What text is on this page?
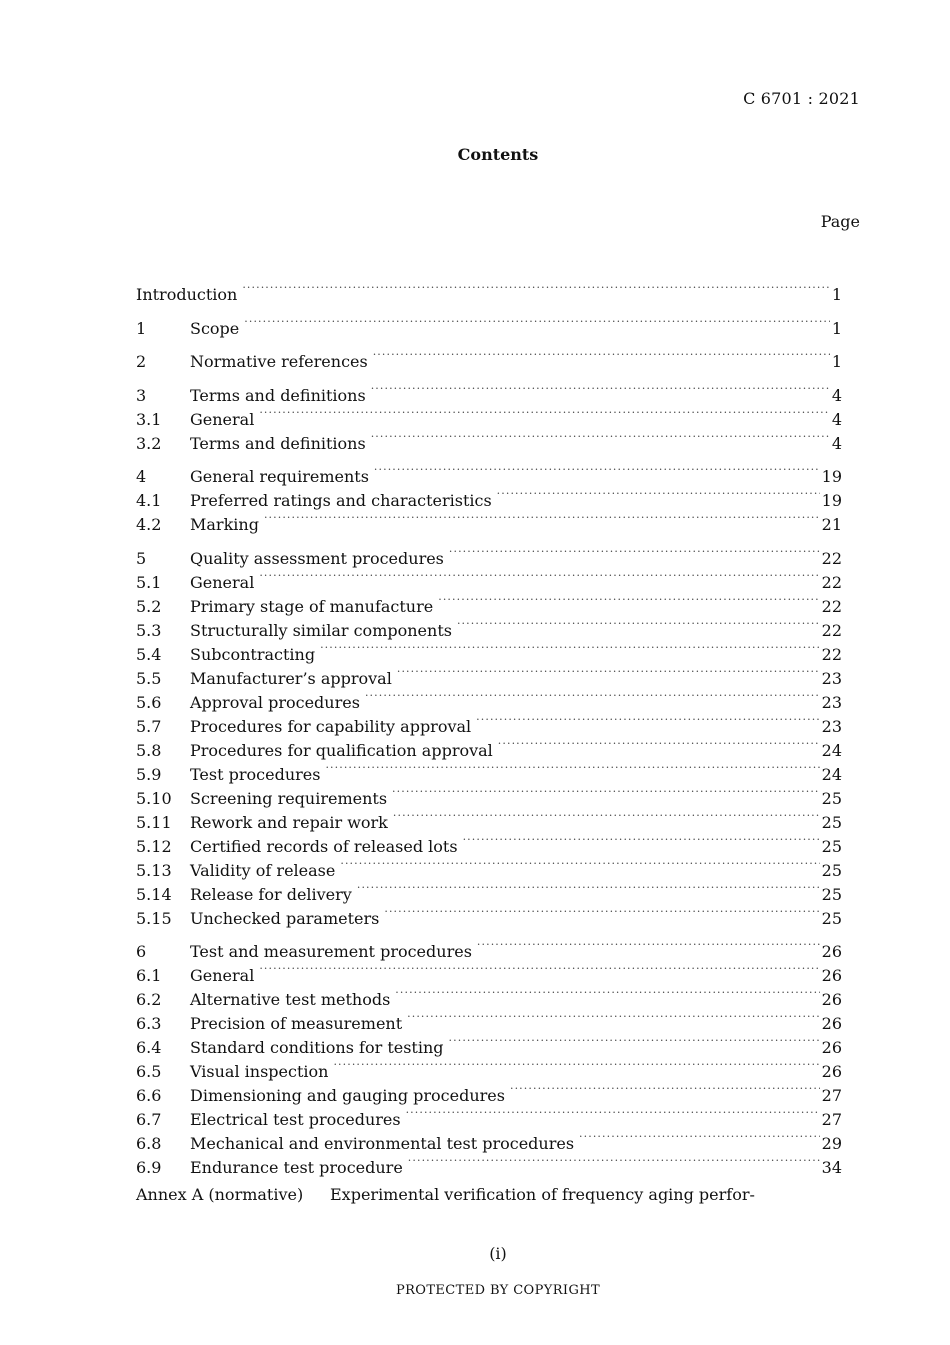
C 6701 : 2021
Contents
Page
Introduction ·····	1
1	Scope ·····	1
2	Normative references ·····	1
3	Terms and definitions ·····	4
3.1	General ·····	4
3.2	Terms and definitions ·····	4
4	General requirements ·····	19
4.1	Preferred ratings and characteristics ·····	19
4.2	Marking ·····	21
5	Quality assessment procedures ·····	22
5.1	General ·····	22
5.2	Primary stage of manufacture ·····	22
5.3	Structurally similar components ·····	22
5.4	Subcontracting ·····	22
5.5	Manufacturer’s approval ·····	23
5.6	Approval procedures ·····	23
5.7	Procedures for capability approval ·····	23
5.8	Procedures for qualification approval ·····	24
5.9	Test procedures ·····	24
5.10	Screening requirements ·····	25
5.11	Rework and repair work ·····	25
5.12	Certified records of released lots ·····	25
5.13	Validity of release ·····	25
5.14	Release for delivery ·····	25
5.15	Unchecked parameters ·····	25
6	Test and measurement procedures ·····	26
6.1	General ·····	26
6.2	Alternative test methods ·····	26
6.3	Precision of measurement ·····	26
6.4	Standard conditions for testing ·····	26
6.5	Visual inspection ·····	26
6.6	Dimensioning and gauging procedures ·····	27
6.7	Electrical test procedures ·····	27
6.8	Mechanical and environmental test procedures ·····	29
6.9	Endurance test procedure ·····	34
Annex A (normative)	Experimental verification of frequency aging perfor-
(i)
PROTECTED BY COPYRIGHT
